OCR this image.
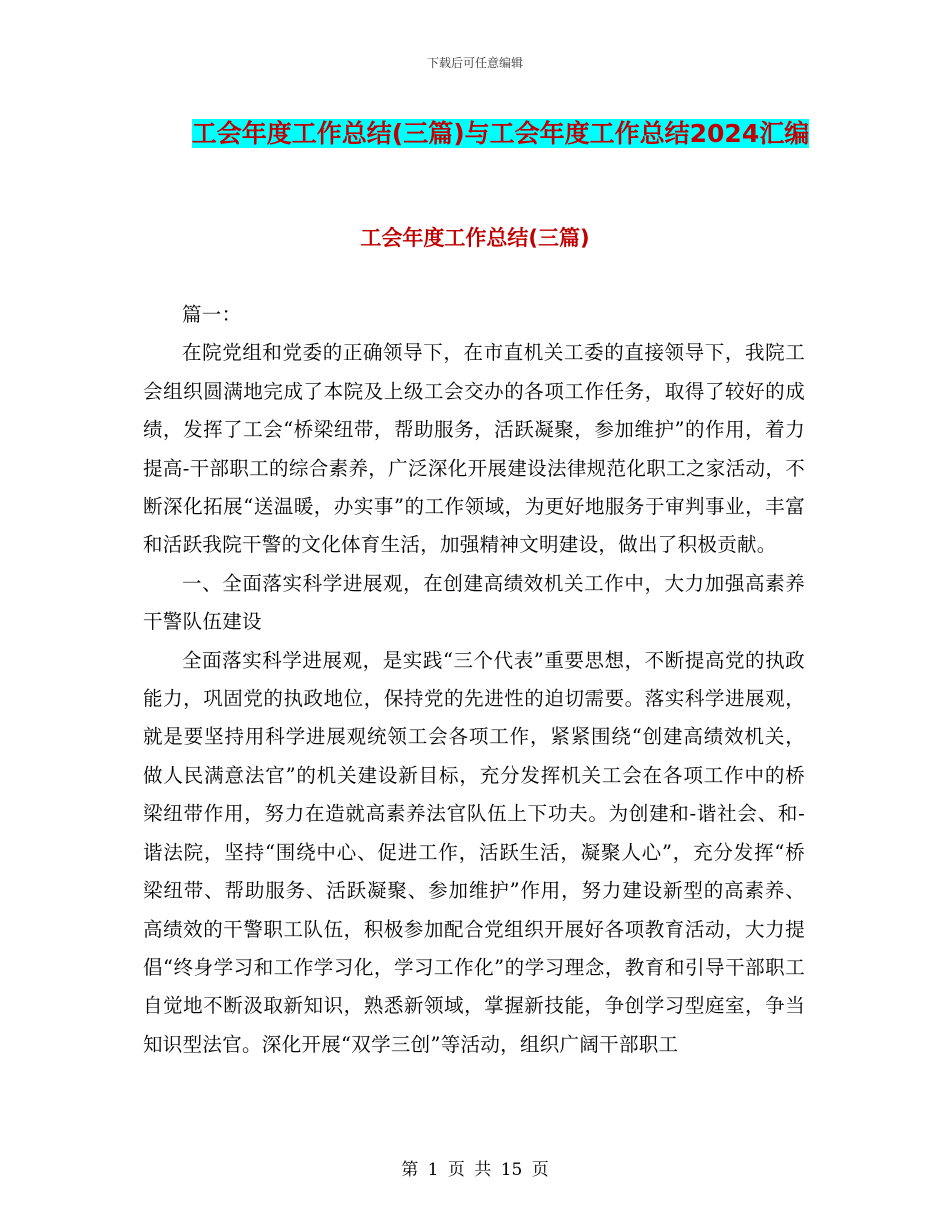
下载后可任意编辑
工会年度工作总结(三篇)与工会年度工作总结2024汇编
工会年度工作总结(三篇)

篇一：

在院党组和党委的正确领导下，在市直机关工委的直接领导下，我院工会组织圆满地完成了本院及上级工会交办的各项工作任务，取得了较好的成绩，发挥了工会“桥梁纽带，帮助服务，活跃凝聚，参加维护”的作用，着力提高-干部职工的综合素养，广泛深化开展建设法律规范化职工之家活动，不断深化拓展“送温暖，办实事”的工作领域，为更好地服务于审判事业，丰富和活跃我院干警的文化体育生活，加强精神文明建设，做出了积极贡献。

一、全面落实科学进展观，在创建高绩效机关工作中，大力加强高素养干警队伍建设

全面落实科学进展观，是实践“三个代表”重要思想，不断提高党的执政能力，巩固党的执政地位，保持党的先进性的迫切需要。落实科学进展观，就是要坚持用科学进展观统领工会各项工作，紧紧围绕“创建高绩效机关，做人民满意法官”的机关建设新目标，充分发挥机关工会在各项工作中的桥梁纽带作用，努力在造就高素养法官队伍上下功夫。为创建和-谐社会、和-谐法院，坚持“围绕中心、促进工作，活跃生活，凝聚人心”，充分发挥“桥梁纽带、帮助服务、活跃凝聚、参加维护”作用，努力建设新型的高素养、高绩效的干警职工队伍，积极参加配合党组织开展好各项教育活动，大力提倡“终身学习和工作学习化，学习工作化”的学习理念，教育和引导干部职工自觉地不断汲取新知识，熟悉新领域，掌握新技能，争创学习型庭室，争当知识型法官。深化开展“双学三创”等活动，组织广阔干部职工

第 1 页 共 15 页
